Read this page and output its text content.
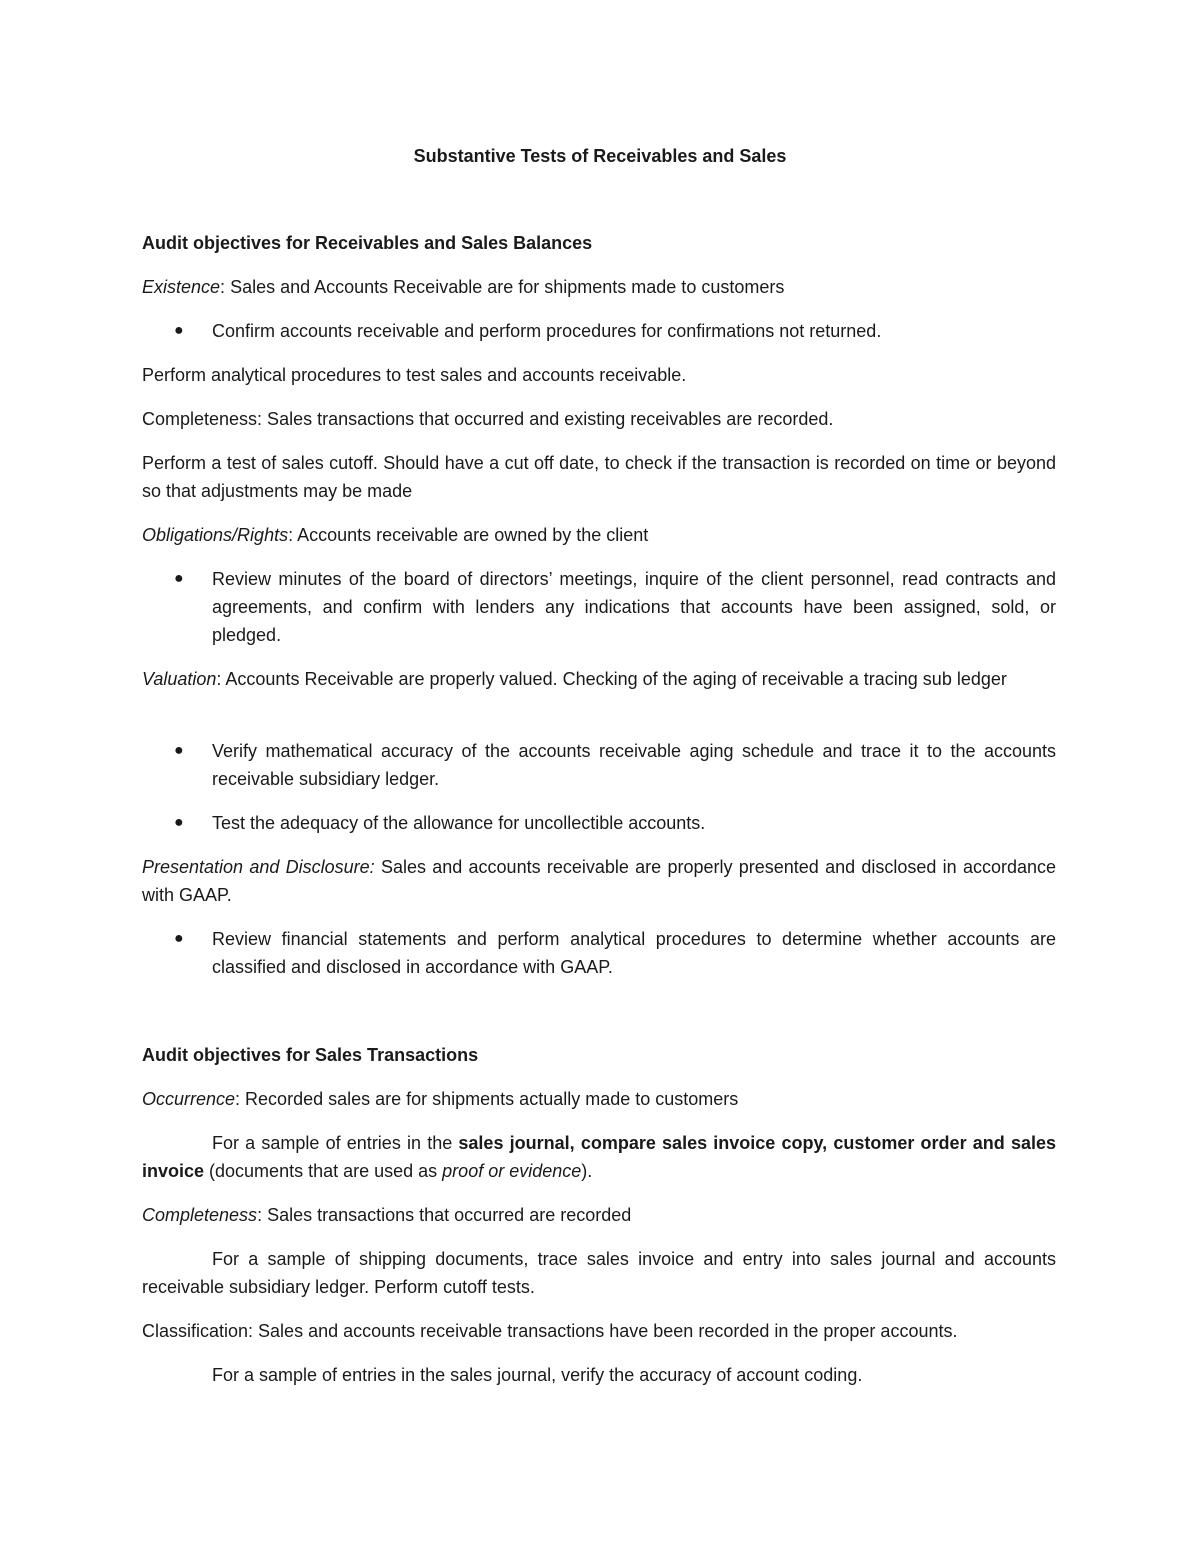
Substantive Tests of Receivables and Sales
Audit objectives for Receivables and Sales Balances
Existence: Sales and Accounts Receivable are for shipments made to customers
●	Confirm accounts receivable and perform procedures for confirmations not returned.
Perform analytical procedures to test sales and accounts receivable.
Completeness: Sales transactions that occurred and existing receivables are recorded.
Perform a test of sales cutoff. Should have a cut off date, to check if the transaction is recorded on time or beyond so that adjustments may be made
Obligations/Rights: Accounts receivable are owned by the client
●	Review minutes of the board of directors’ meetings, inquire of the client personnel, read contracts and agreements, and confirm with lenders any indications that accounts have been assigned, sold, or pledged.
Valuation: Accounts Receivable are properly valued. Checking of the aging of receivable a tracing sub ledger
●	Verify mathematical accuracy of the accounts receivable aging schedule and trace it to the accounts receivable subsidiary ledger.
●	Test the adequacy of the allowance for uncollectible accounts.
Presentation and Disclosure: Sales and accounts receivable are properly presented and disclosed in accordance with GAAP.
●	Review financial statements and perform analytical procedures to determine whether accounts are classified and disclosed in accordance with GAAP.
Audit objectives for Sales Transactions
Occurrence: Recorded sales are for shipments actually made to customers
For a sample of entries in the sales journal, compare sales invoice copy, customer order and sales invoice (documents that are used as proof or evidence).
Completeness: Sales transactions that occurred are recorded
For a sample of shipping documents, trace sales invoice and entry into sales journal and accounts receivable subsidiary ledger. Perform cutoff tests.
Classification: Sales and accounts receivable transactions have been recorded in the proper accounts.
For a sample of entries in the sales journal, verify the accuracy of account coding.
